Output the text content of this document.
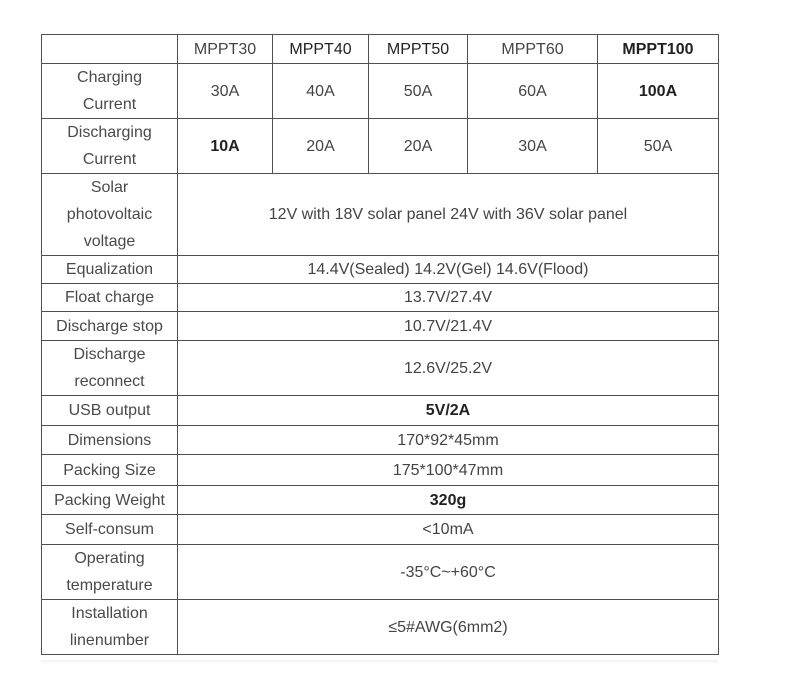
	MPPT30	MPPT40	MPPT50	MPPT60	MPPT100

Charging
Current	30A	40A	50A	60A	100A

Discharging
Current	10A	20A	20A	30A	50A

Solar
photovoltaic
voltage	12V with 18V solar panel 24V with 36V solar panel				
Equalization	14.4V(Sealed) 14.2V(Gel) 14.6V(Flood)				
Float charge	13.7V/27.4V				
Discharge stop	10.7V/21.4V				

Discharge
reconnect	12.6V/25.2V				
USB output	5V/2A				
Dimensions	170*92*45mm				
Packing Size	175*100*47mm				
Packing Weight	320g				
Self-consum	<10mA				

Operating
temperature	-35°C~+60°C				

Installation
linenumber	≤5#AWG(6mm2)				
